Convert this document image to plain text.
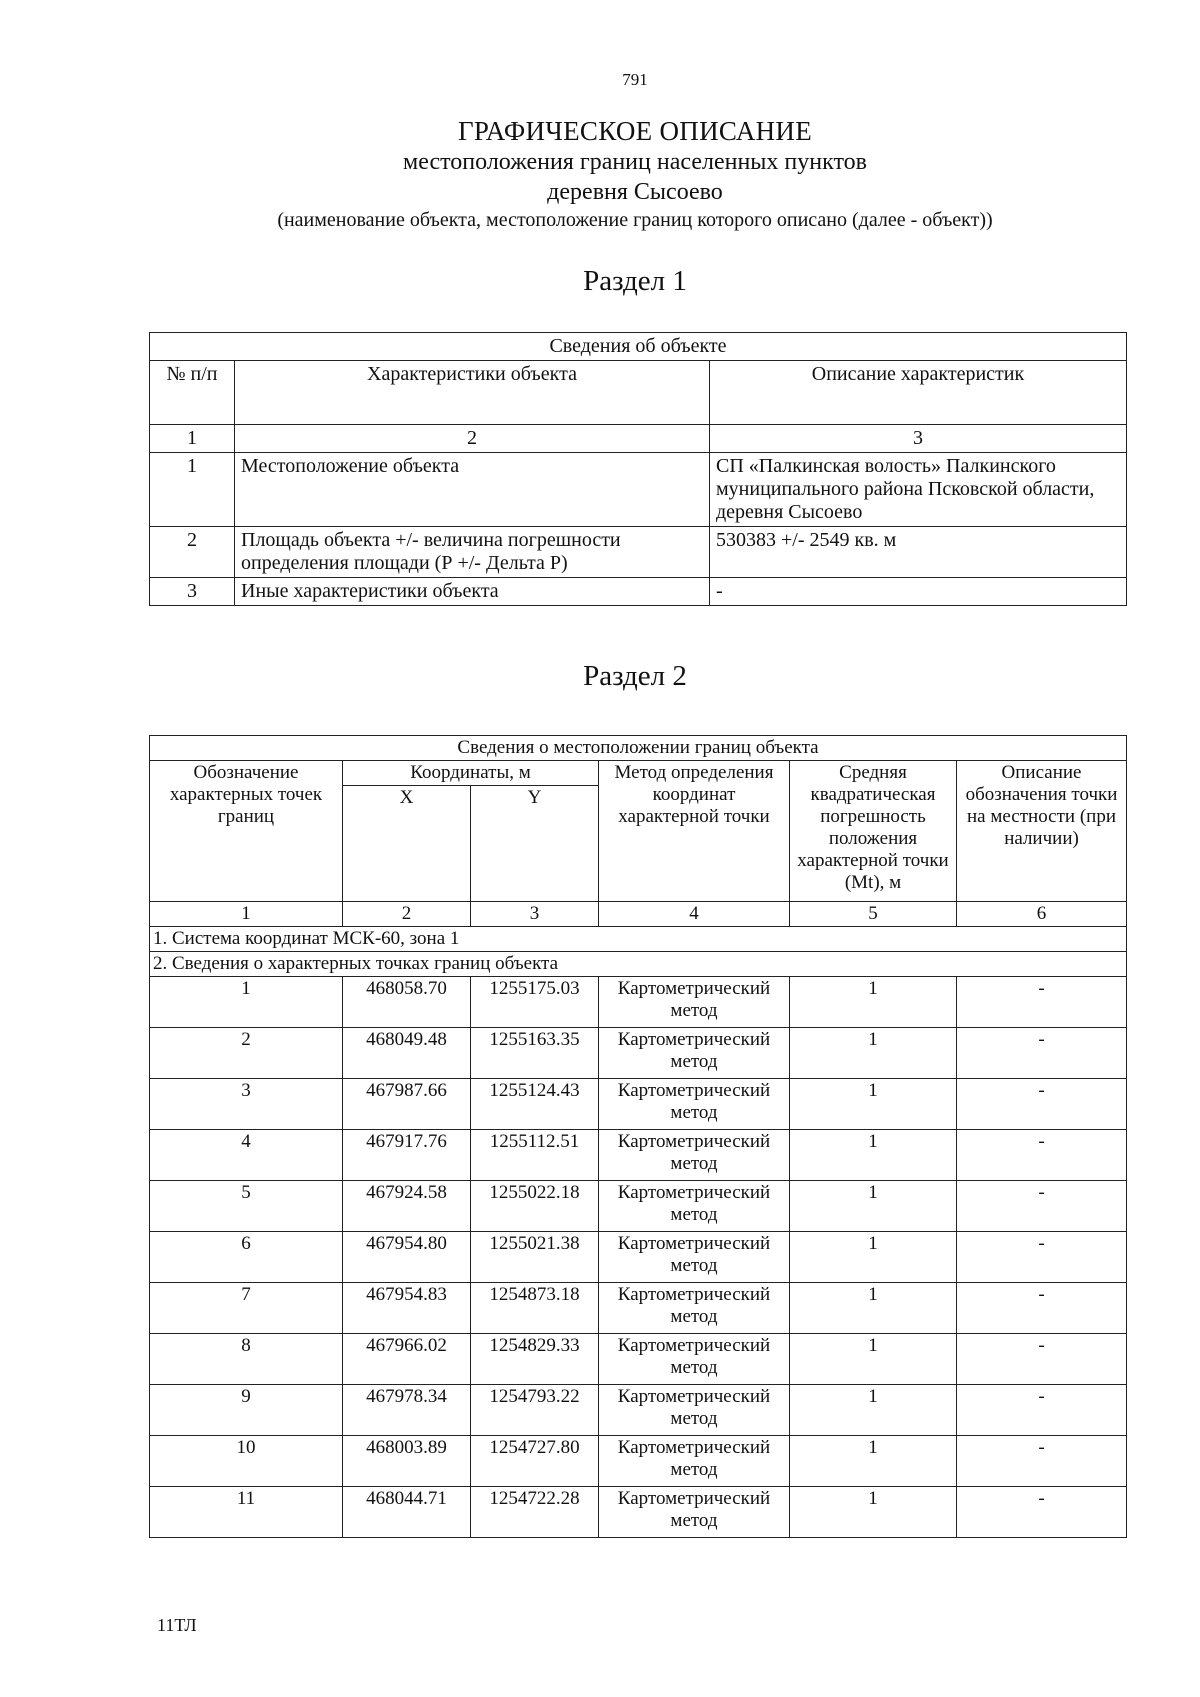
791
ГРАФИЧЕСКОЕ ОПИСАНИЕ
местоположения границ населенных пунктов
деревня Сысоево
(наименование объекта, местоположение границ которого описано (далее - объект))
Раздел 1
Сведения об объекте		
№ п/п	Характеристики объекта	Описание характеристик
1	2	3
1	Местоположение объекта	СП «Палкинская волость» Палкинского муниципального района Псковской области, деревня Сысоево
2	Площадь объекта +/- величина погрешности определения площади (Р +/- Дельта Р)	530383 +/- 2549 кв. м
3	Иные характеристики объекта	-
Раздел 2
Сведения о местоположении границ объекта					
Обозначение характерных точек границ	Координаты, м		Метод определения координат характерной точки	Средняя квадратическая погрешность положения характерной точки (Mt), м	Описание обозначения точки на местности (при наличии)
	X	Y			
1	2	3	4	5	6
1. Система координат МСК-60, зона 1					
2. Сведения о характерных точках границ объекта					
1	468058.70	1255175.03	Картометрический метод	1	-
2	468049.48	1255163.35	Картометрический метод	1	-
3	467987.66	1255124.43	Картометрический метод	1	-
4	467917.76	1255112.51	Картометрический метод	1	-
5	467924.58	1255022.18	Картометрический метод	1	-
6	467954.80	1255021.38	Картометрический метод	1	-
7	467954.83	1254873.18	Картометрический метод	1	-
8	467966.02	1254829.33	Картометрический метод	1	-
9	467978.34	1254793.22	Картометрический метод	1	-
10	468003.89	1254727.80	Картометрический метод	1	-
11	468044.71	1254722.28	Картометрический метод	1	-
11ТЛ
